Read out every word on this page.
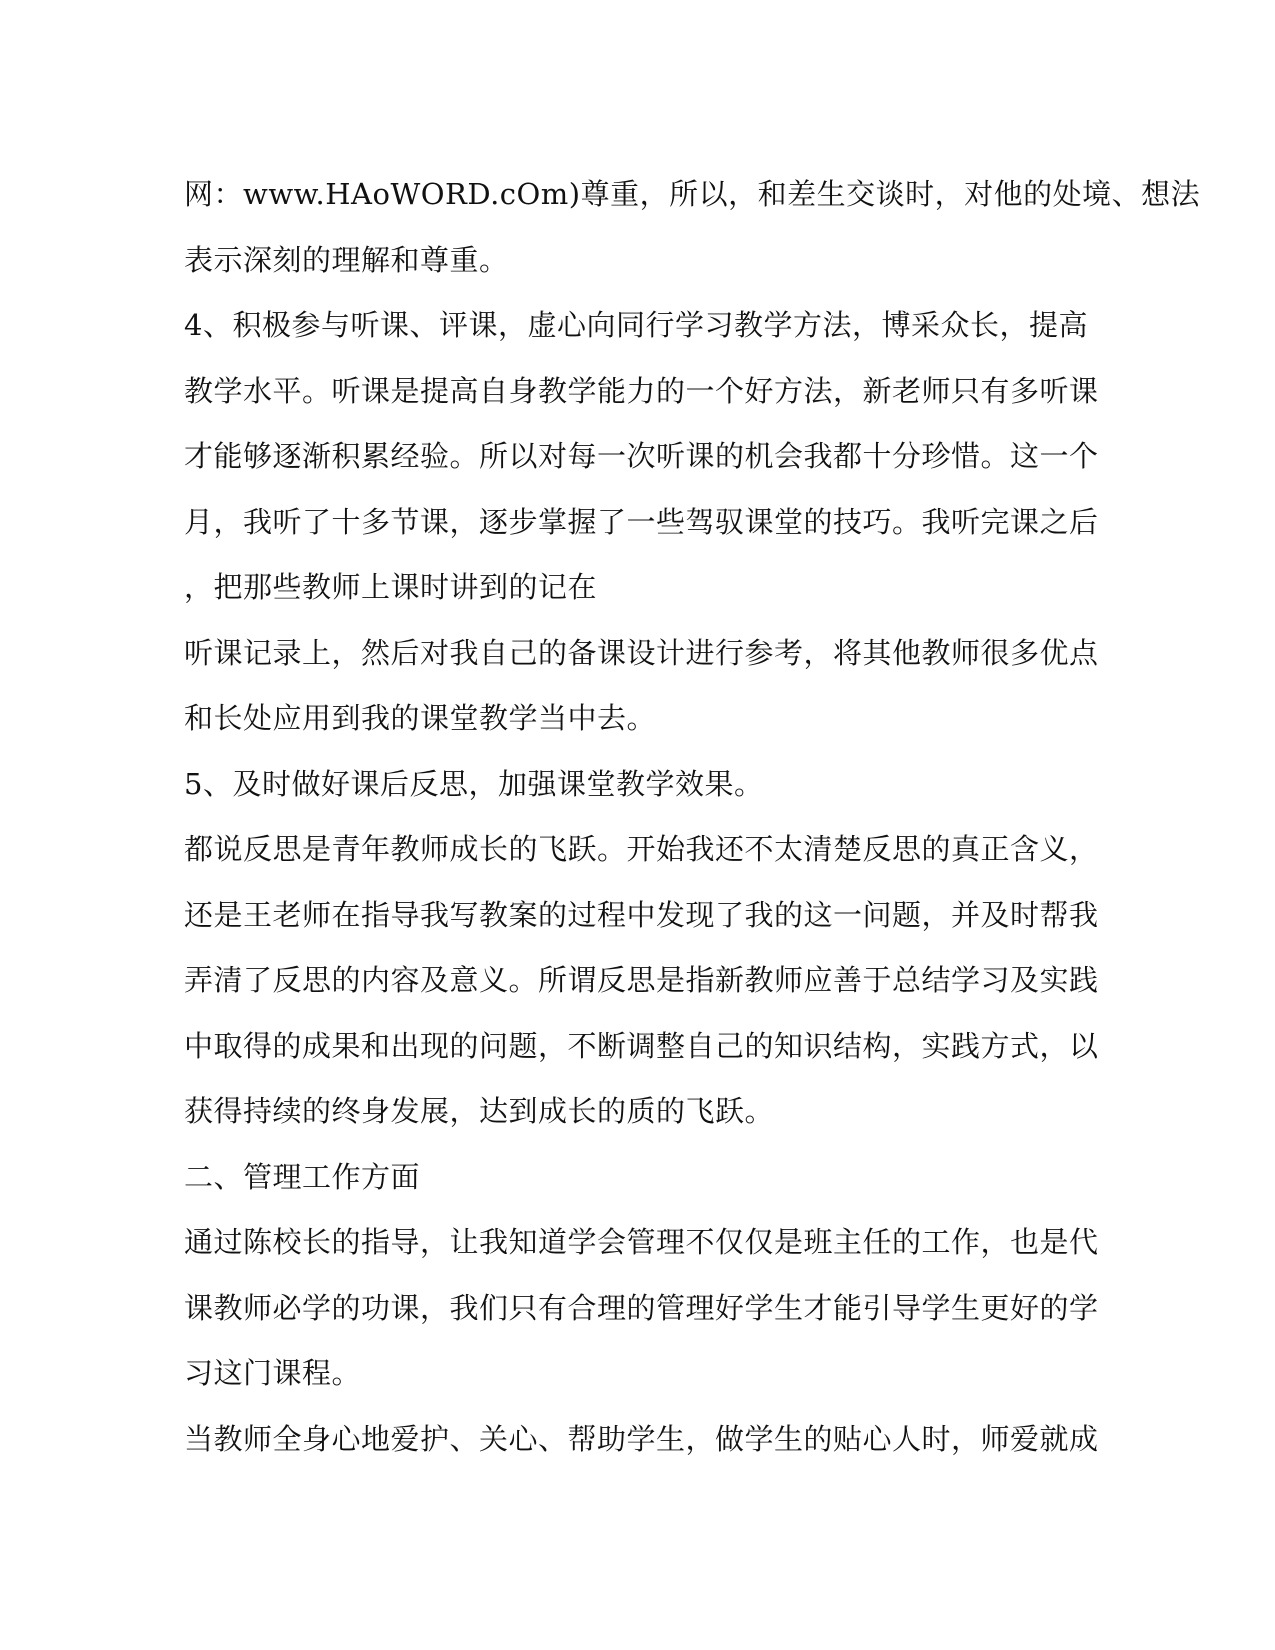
网：www.HAoWORD.cOm)尊重，所以，和差生交谈时，对他的处境、想法
表示深刻的理解和尊重。
4、积极参与听课、评课，虚心向同行学习教学方法，博采众长，提高
教学水平。听课是提高自身教学能力的一个好方法，新老师只有多听课
才能够逐渐积累经验。所以对每一次听课的机会我都十分珍惜。这一个
月，我听了十多节课，逐步掌握了一些驾驭课堂的技巧。我听完课之后
，把那些教师上课时讲到的记在
听课记录上，然后对我自己的备课设计进行参考，将其他教师很多优点
和长处应用到我的课堂教学当中去。
5、及时做好课后反思，加强课堂教学效果。
都说反思是青年教师成长的飞跃。开始我还不太清楚反思的真正含义，
还是王老师在指导我写教案的过程中发现了我的这一问题，并及时帮我
弄清了反思的内容及意义。所谓反思是指新教师应善于总结学习及实践
中取得的成果和出现的问题，不断调整自己的知识结构，实践方式，以
获得持续的终身发展，达到成长的质的飞跃。
二、管理工作方面
通过陈校长的指导，让我知道学会管理不仅仅是班主任的工作，也是代
课教师必学的功课，我们只有合理的管理好学生才能引导学生更好的学
习这门课程。
当教师全身心地爱护、关心、帮助学生，做学生的贴心人时，师爱就成
